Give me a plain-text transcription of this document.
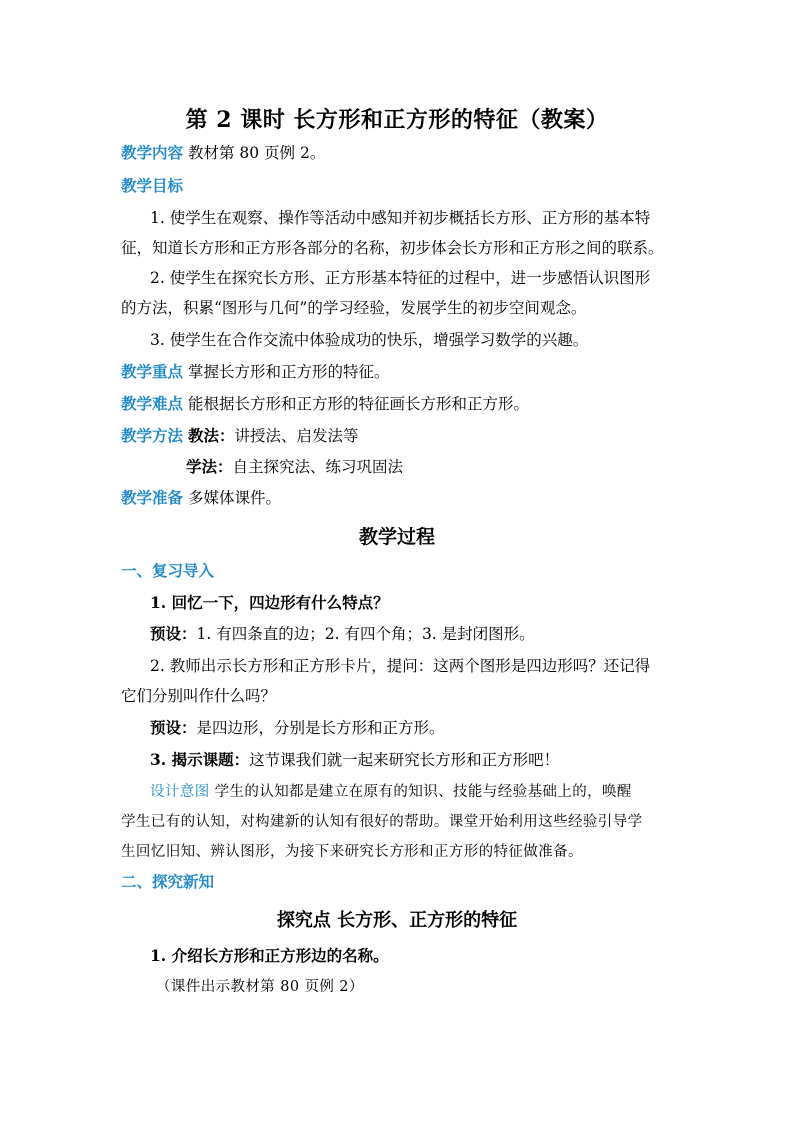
第 2 课时 长方形和正方形的特征（教案）
教学内容 教材第 80 页例 2。
教学目标
1. 使学生在观察、操作等活动中感知并初步概括长方形、正方形的基本特
征，知道长方形和正方形各部分的名称，初步体会长方形和正方形之间的联系。
2. 使学生在探究长方形、正方形基本特征的过程中，进一步感悟认识图形
的方法，积累“图形与几何”的学习经验，发展学生的初步空间观念。
3. 使学生在合作交流中体验成功的快乐，增强学习数学的兴趣。
教学重点 掌握长方形和正方形的特征。
教学难点 能根据长方形和正方形的特征画长方形和正方形。
教学方法 教法：讲授法、启发法等
学法：自主探究法、练习巩固法
教学准备 多媒体课件。
教学过程
一、复习导入
1. 回忆一下，四边形有什么特点？
预设：1. 有四条直的边；2. 有四个角；3. 是封闭图形。
2. 教师出示长方形和正方形卡片，提问：这两个图形是四边形吗？还记得
它们分别叫作什么吗？
预设：是四边形，分别是长方形和正方形。
3. 揭示课题：这节课我们就一起来研究长方形和正方形吧！
设计意图 学生的认知都是建立在原有的知识、技能与经验基础上的，唤醒
学生已有的认知，对构建新的认知有很好的帮助。课堂开始利用这些经验引导学
生回忆旧知、辨认图形，为接下来研究长方形和正方形的特征做准备。
二、探究新知
探究点 长方形、正方形的特征
1. 介绍长方形和正方形边的名称。
（课件出示教材第 80 页例 2）
